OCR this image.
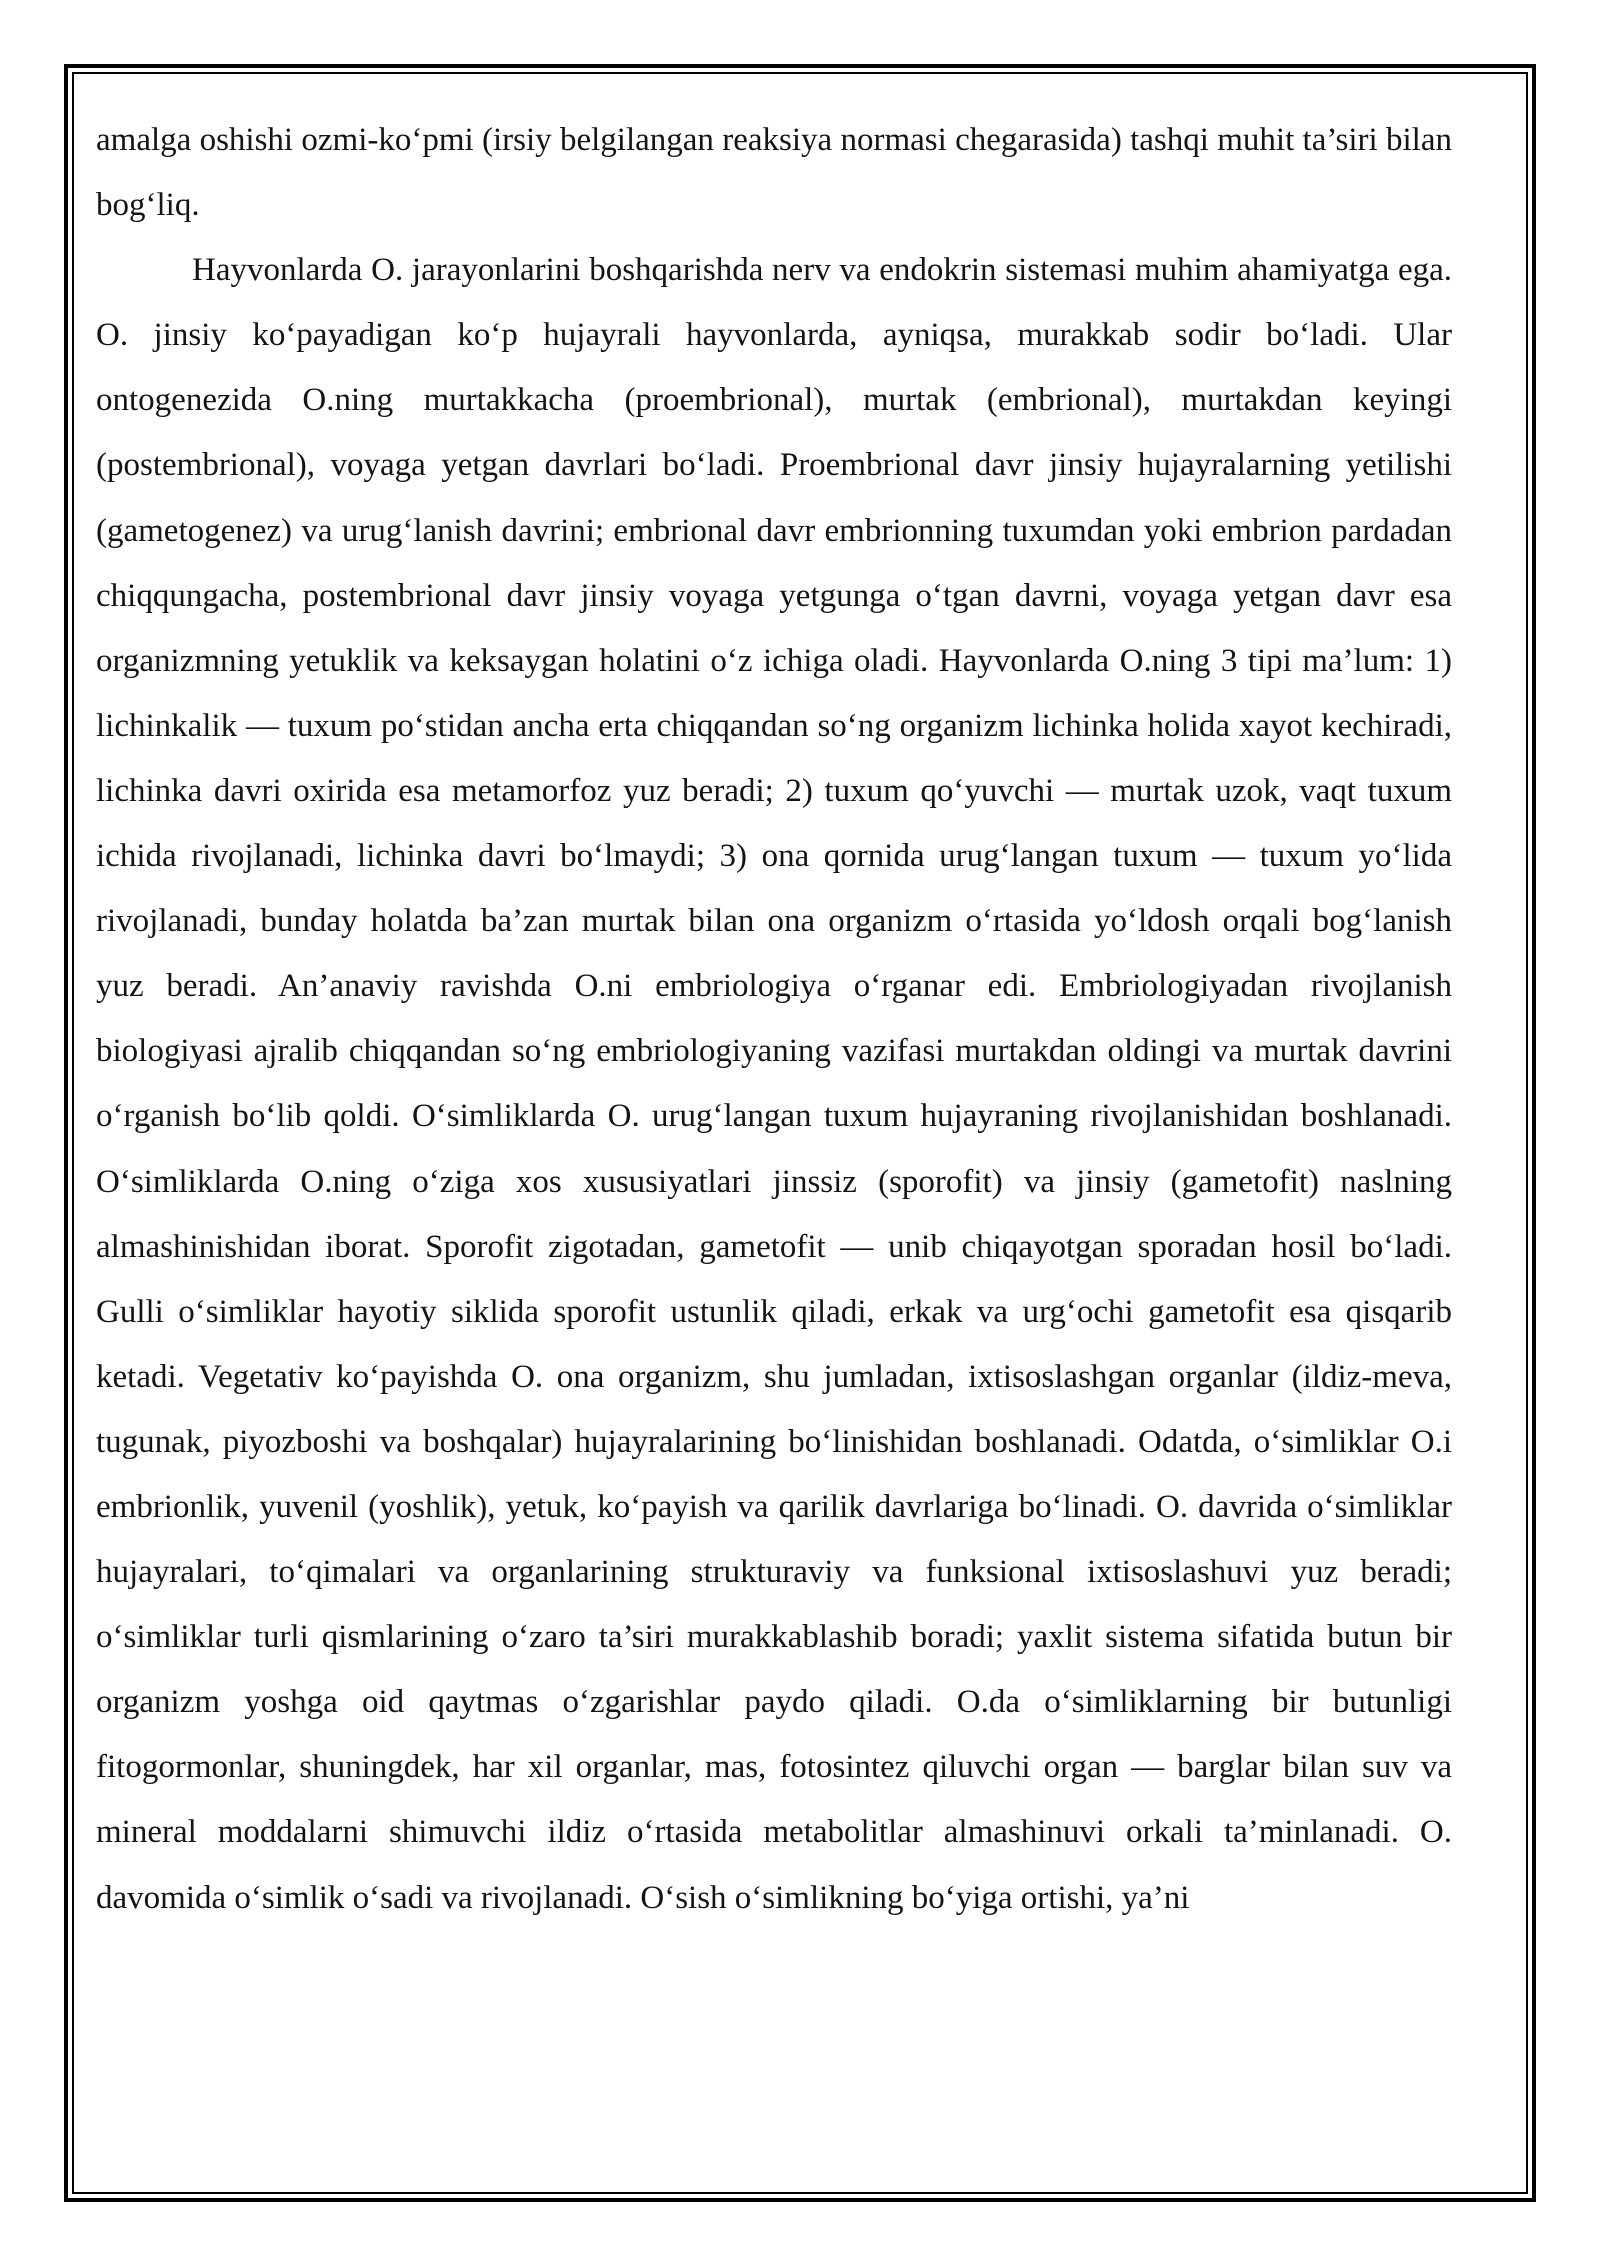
amalga oshishi ozmi-ko‘pmi (irsiy belgilangan reaksiya normasi chegarasida) tashqi muhit ta’siri bilan bog‘liq.

Hayvonlarda O. jarayonlarini boshqarishda nerv va endokrin sistemasi muhim ahamiyatga ega. O. jinsiy ko‘payadigan ko‘p hujayrali hayvonlarda, ayniqsa, murakkab sodir bo‘ladi. Ular ontogenezida O.ning murtakkacha (proembrional), murtak (embrional), murtakdan keyingi (postembrional), voyaga yetgan davrlari bo‘ladi. Proembrional davr jinsiy hujayralarning yetilishi (gametogenez) va urug‘lanish davrini; embrional davr embrionning tuxumdan yoki embrion pardadan chiqqungacha, postembrional davr jinsiy voyaga yetgunga o‘tgan davrni, voyaga yetgan davr esa organizmning yetuklik va keksaygan holatini o‘z ichiga oladi. Hayvonlarda O.ning 3 tipi ma’lum: 1) lichinkalik — tuxum po‘stidan ancha erta chiqqandan so‘ng organizm lichinka holida xayot kechiradi, lichinka davri oxirida esa metamorfoz yuz beradi; 2) tuxum qo‘yuvchi — murtak uzok, vaqt tuxum ichida rivojlanadi, lichinka davri bo‘lmaydi; 3) ona qornida urug‘langan tuxum — tuxum yo‘lida rivojlanadi, bunday holatda ba’zan murtak bilan ona organizm o‘rtasida yo‘ldosh orqali bog‘lanish yuz beradi. An’anaviy ravishda O.ni embriologiya o‘rganar edi. Embriologiyadan rivojlanish biologiyasi ajralib chiqqandan so‘ng embriologiyaning vazifasi murtakdan oldingi va murtak davrini o‘rganish bo‘lib qoldi. O‘simliklarda O. urug‘langan tuxum hujayraning rivojlanishidan boshlanadi. O‘simliklarda O.ning o‘ziga xos xususiyatlari jinssiz (sporofit) va jinsiy (gametofit) naslning almashinishidan iborat. Sporofit zigotadan, gametofit — unib chiqayotgan sporadan hosil bo‘ladi. Gulli o‘simliklar hayotiy siklida sporofit ustunlik qiladi, erkak va urg‘ochi gametofit esa qisqarib ketadi. Vegetativ ko‘payishda O. ona organizm, shu jumladan, ixtisoslashgan organlar (ildiz-meva, tugunak, piyozboshi va boshqalar) hujayralarining bo‘linishidan boshlanadi. Odatda, o‘simliklar O.i embrionlik, yuvenil (yoshlik), yetuk, ko‘payish va qarilik davrlariga bo‘linadi. O. davrida o‘simliklar hujayralari, to‘qimalari va organlarining strukturaviy va funksional ixtisoslashuvi yuz beradi; o‘simliklar turli qismlarining o‘zaro ta’siri murakkablashib boradi; yaxlit sistema sifatida butun bir organizm yoshga oid qaytmas o‘zgarishlar paydo qiladi. O.da o‘simliklarning bir butunligi fitogormonlar, shuningdek, har xil organlar, mas, fotosintez qiluvchi organ — barglar bilan suv va mineral moddalarni shimuvchi ildiz o‘rtasida metabolitlar almashinuvi orkali ta’minlanadi. O. davomida o‘simlik o‘sadi va rivojlanadi. O‘sish o‘simlikning bo‘yiga ortishi, ya’ni
